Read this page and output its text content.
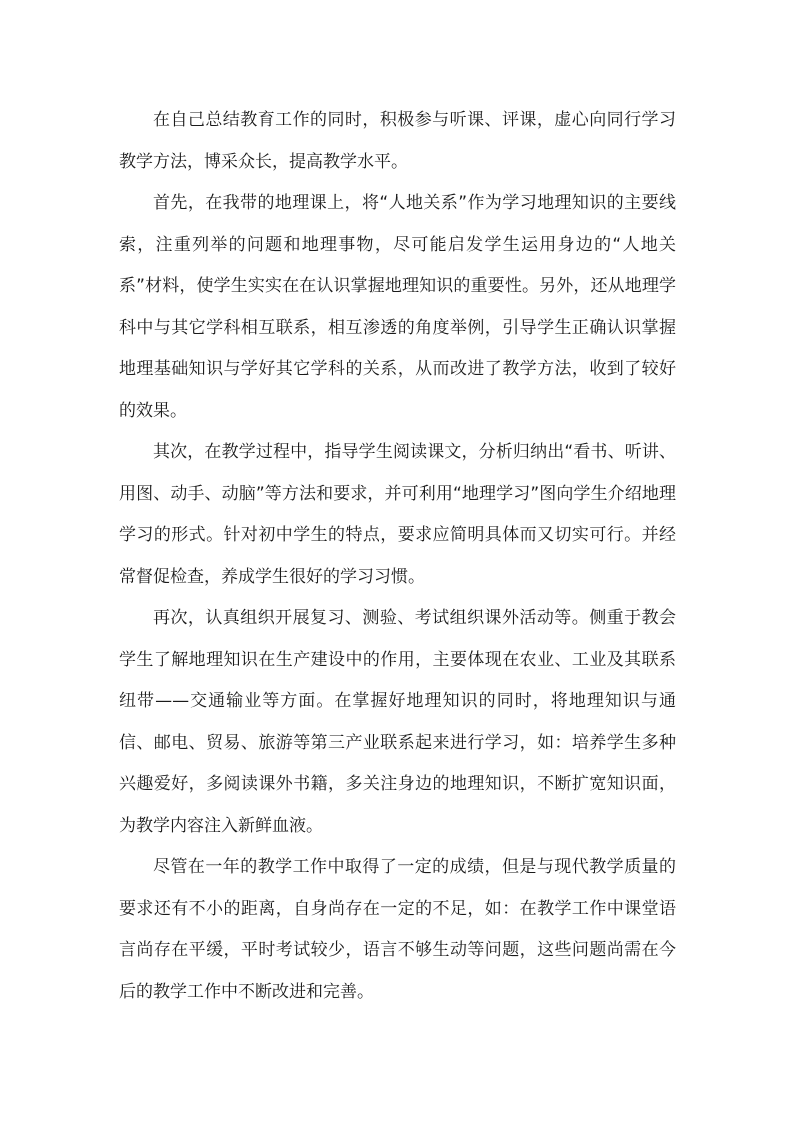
在自己总结教育工作的同时，积极参与听课、评课，虚心向同行学习教学方法，博采众长，提高教学水平。

首先，在我带的地理课上，将“人地关系”作为学习地理知识的主要线索，注重列举的问题和地理事物，尽可能启发学生运用身边的“人地关系”材料，使学生实实在在认识掌握地理知识的重要性。另外，还从地理学科中与其它学科相互联系，相互渗透的角度举例，引导学生正确认识掌握地理基础知识与学好其它学科的关系，从而改进了教学方法，收到了较好的效果。

其次，在教学过程中，指导学生阅读课文，分析归纳出“看书、听讲、用图、动手、动脑”等方法和要求，并可利用“地理学习”图向学生介绍地理学习的形式。针对初中学生的特点，要求应简明具体而又切实可行。并经常督促检查，养成学生很好的学习习惯。

再次，认真组织开展复习、测验、考试组织课外活动等。侧重于教会学生了解地理知识在生产建设中的作用，主要体现在农业、工业及其联系纽带——交通输业等方面。在掌握好地理知识的同时，将地理知识与通信、邮电、贸易、旅游等第三产业联系起来进行学习，如：培养学生多种兴趣爱好，多阅读课外书籍，多关注身边的地理知识，不断扩宽知识面，为教学内容注入新鲜血液。

尽管在一年的教学工作中取得了一定的成绩，但是与现代教学质量的要求还有不小的距离，自身尚存在一定的不足，如：在教学工作中课堂语言尚存在平缓，平时考试较少，语言不够生动等问题，这些问题尚需在今后的教学工作中不断改进和完善。
